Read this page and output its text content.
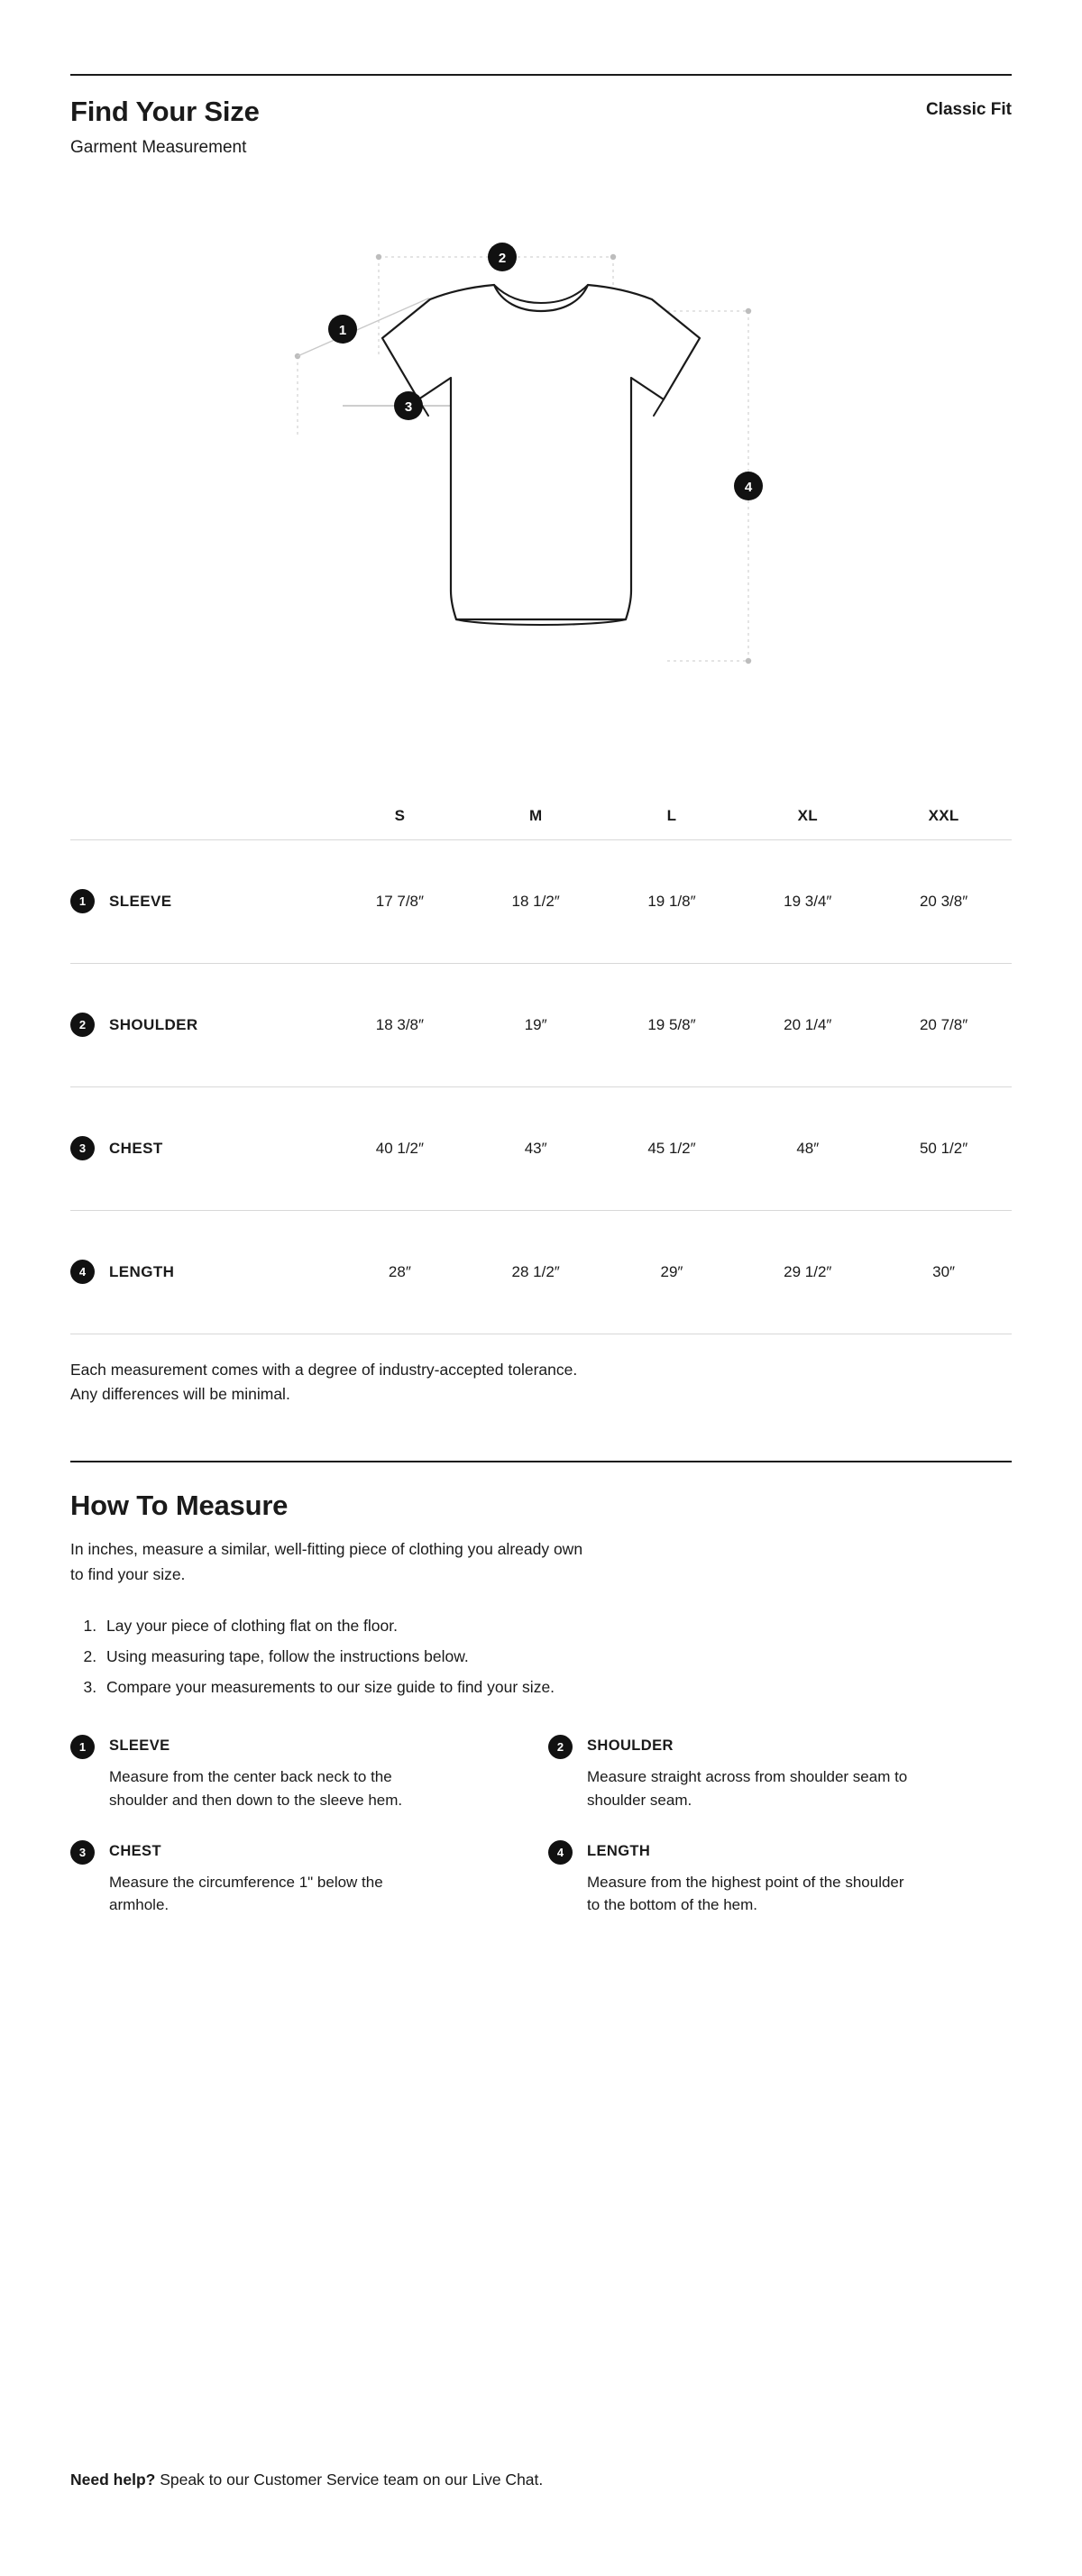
Find Your Size
Garment Measurement
Classic Fit
1
2
3
4
	S	M	L	XL	XXL

1 SLEEVE	17 7/8″	18 1/2″	19 1/8″	19 3/4″	20 3/8″

2 SHOULDER	18 3/8″	19″	19 5/8″	20 1/4″	20 7/8″

3 CHEST	40 1/2″	43″	45 1/2″	48″	50 1/2″

4 LENGTH	28″	28 1/2″	29″	29 1/2″	30″
Each measurement comes with a degree of industry-accepted tolerance.
Any differences will be minimal.
How To Measure
In inches, measure a similar, well-fitting piece of clothing you already own
to find your size.
1. Lay your piece of clothing flat on the floor.
2. Using measuring tape, follow the instructions below.
3. Compare your measurements to our size guide to find your size.
1	SLEEVE
Measure from the center back neck to the shoulder and then down to the sleeve hem.
2	SHOULDER
Measure straight across from shoulder seam to shoulder seam.
3	CHEST
Measure the circumference 1" below the armhole.
4	LENGTH
Measure from the highest point of the shoulder to the bottom of the hem.
Need help? Speak to our Customer Service team on our Live Chat.
